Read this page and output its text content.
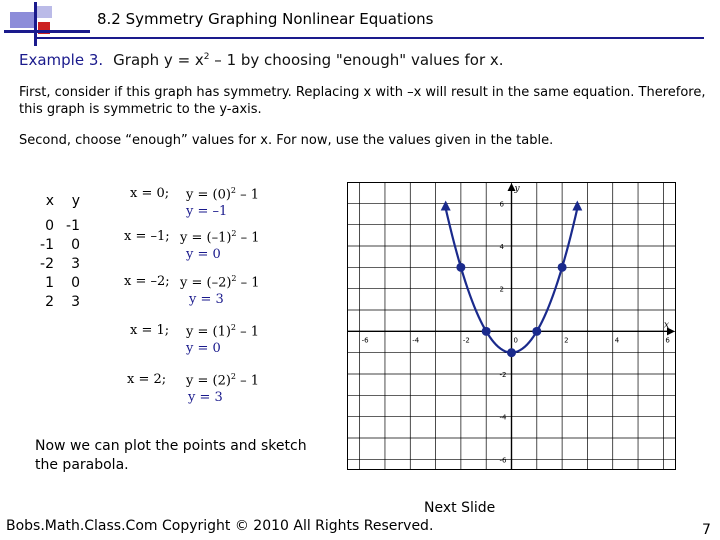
8.2 Symmetry Graphing Nonlinear Equations
Example 3. Graph $y = x^2 - 1$ by choosing "enough" values for x.
First, consider if this graph has symmetry. Replacing x with –x will result in the same equation. Therefore, this graph is symmetric to the y-axis.
Second, choose “enough” values for x. For now, use the values given in the table.
x	y
0 -1
-1	0
-2	3
1	0
2	3
x = 0; $y = (0)^2 - 1$
y = –1
x = –1; $y = (-1)^2 - 1$
y = 0
x = –2; $y = (-2)^2 - 1$
y = 3
x = 1; $y = (1)^2 - 1$
y = 0
x = 2; $y = (2)^2 - 1$
y = 3
x
y
-6	-4	-2	0	2	4	6
6
4
2
-2
-4
-6
Now we can plot the points and sketch the parabola.
Next Slide
Bobs.Math.Class.Com Copyright © 2010 All Rights Reserved.	7
